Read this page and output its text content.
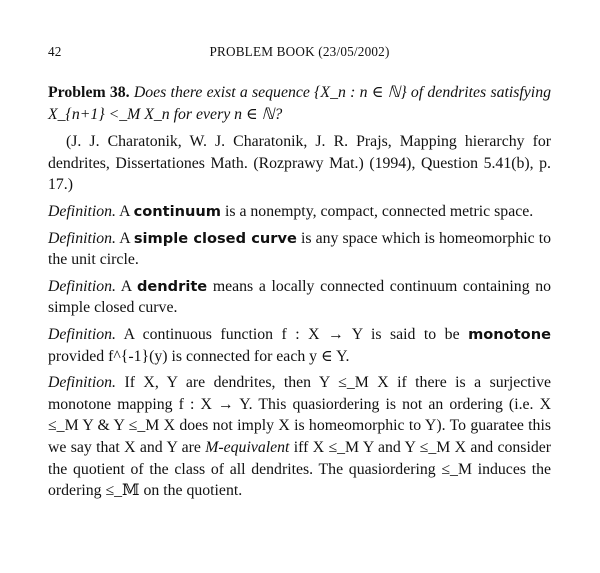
42	PROBLEM BOOK (23/05/2002)

Problem 38. Does there exist a sequence {X_n : n ∈ ℕ} of dendrites satisfying X_{n+1} <_M X_n for every n ∈ ℕ?

(J. J. Charatonik, W. J. Charatonik, J. R. Prajs, Mapping hierarchy for dendrites, Dissertationes Math. (Rozprawy Mat.) (1994), Question 5.41(b), p. 17.)

Definition. A continuum is a nonempty, compact, connected metric space.

Definition. A simple closed curve is any space which is homeomorphic to the unit circle.

Definition. A dendrite means a locally connected continuum containing no simple closed curve.

Definition. A continuous function f : X → Y is said to be monotone provided f^{-1}(y) is connected for each y ∈ Y.

Definition. If X, Y are dendrites, then Y ≤_M X if there is a surjective monotone mapping f : X → Y. This quasiordering is not an ordering (i.e. X ≤_M Y & Y ≤_M X does not imply X is homeomorphic to Y). To guaratee this we say that X and Y are M-equivalent iff X ≤_M Y and Y ≤_M X and consider the quotient of the class of all dendrites. The quasiordering ≤_M induces the ordering ≤_𝕄 on the quotient.
